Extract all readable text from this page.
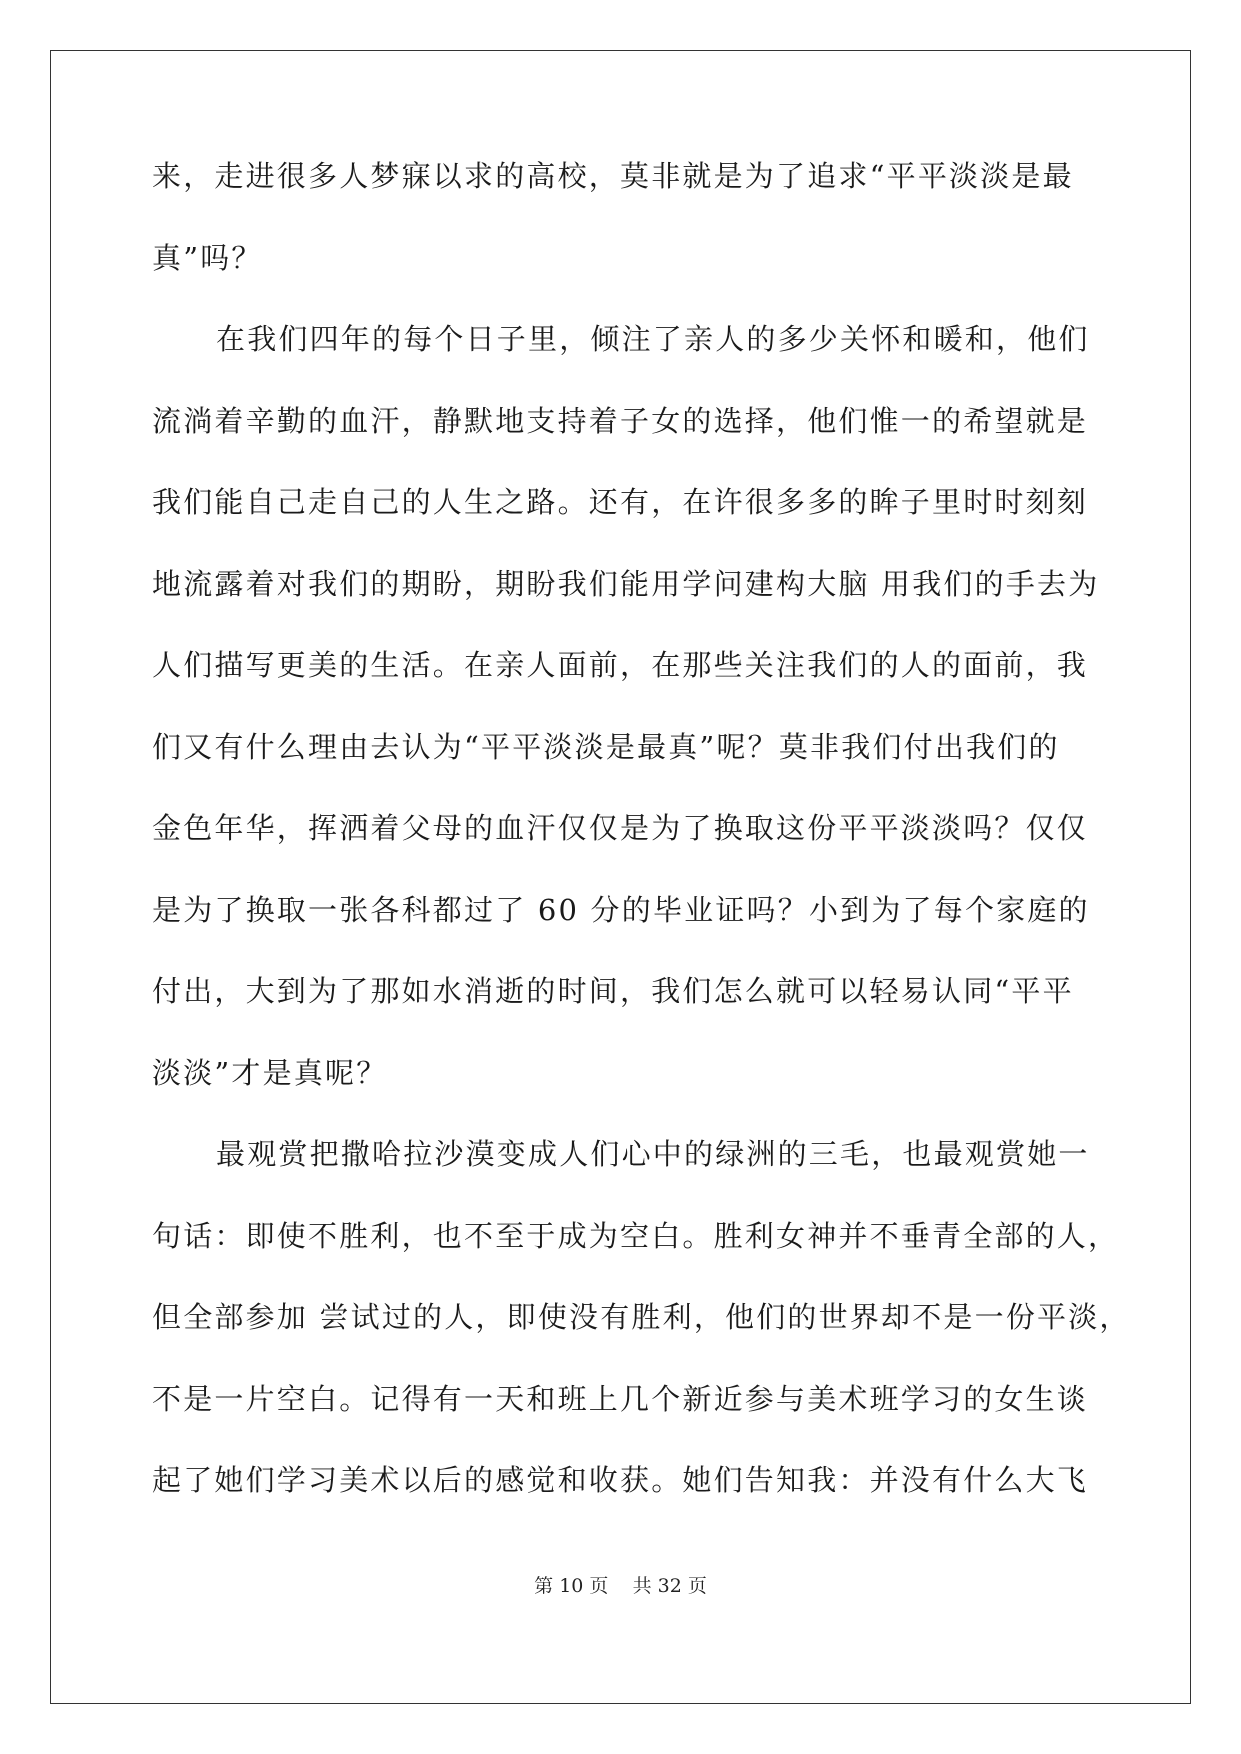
来，走进很多人梦寐以求的高校，莫非就是为了追求“平平淡淡是最
真”吗？
在我们四年的每个日子里，倾注了亲人的多少关怀和暖和，他们
流淌着辛勤的血汗，静默地支持着子女的选择，他们惟一的希望就是
我们能自己走自己的人生之路。还有，在许很多多的眸子里时时刻刻
地流露着对我们的期盼，期盼我们能用学问建构大脑 用我们的手去为
人们描写更美的生活。在亲人面前，在那些关注我们的人的面前，我
们又有什么理由去认为“平平淡淡是最真”呢？莫非我们付出我们的
金色年华，挥洒着父母的血汗仅仅是为了换取这份平平淡淡吗？仅仅
是为了换取一张各科都过了 60 分的毕业证吗？小到为了每个家庭的
付出，大到为了那如水消逝的时间，我们怎么就可以轻易认同“平平
淡淡”才是真呢？
最观赏把撒哈拉沙漠变成人们心中的绿洲的三毛，也最观赏她一
句话：即使不胜利，也不至于成为空白。胜利女神并不垂青全部的人，
但全部参加 尝试过的人，即使没有胜利，他们的世界却不是一份平淡，
不是一片空白。记得有一天和班上几个新近参与美术班学习的女生谈
起了她们学习美术以后的感觉和收获。她们告知我：并没有什么大飞
第 10 页    共 32 页
